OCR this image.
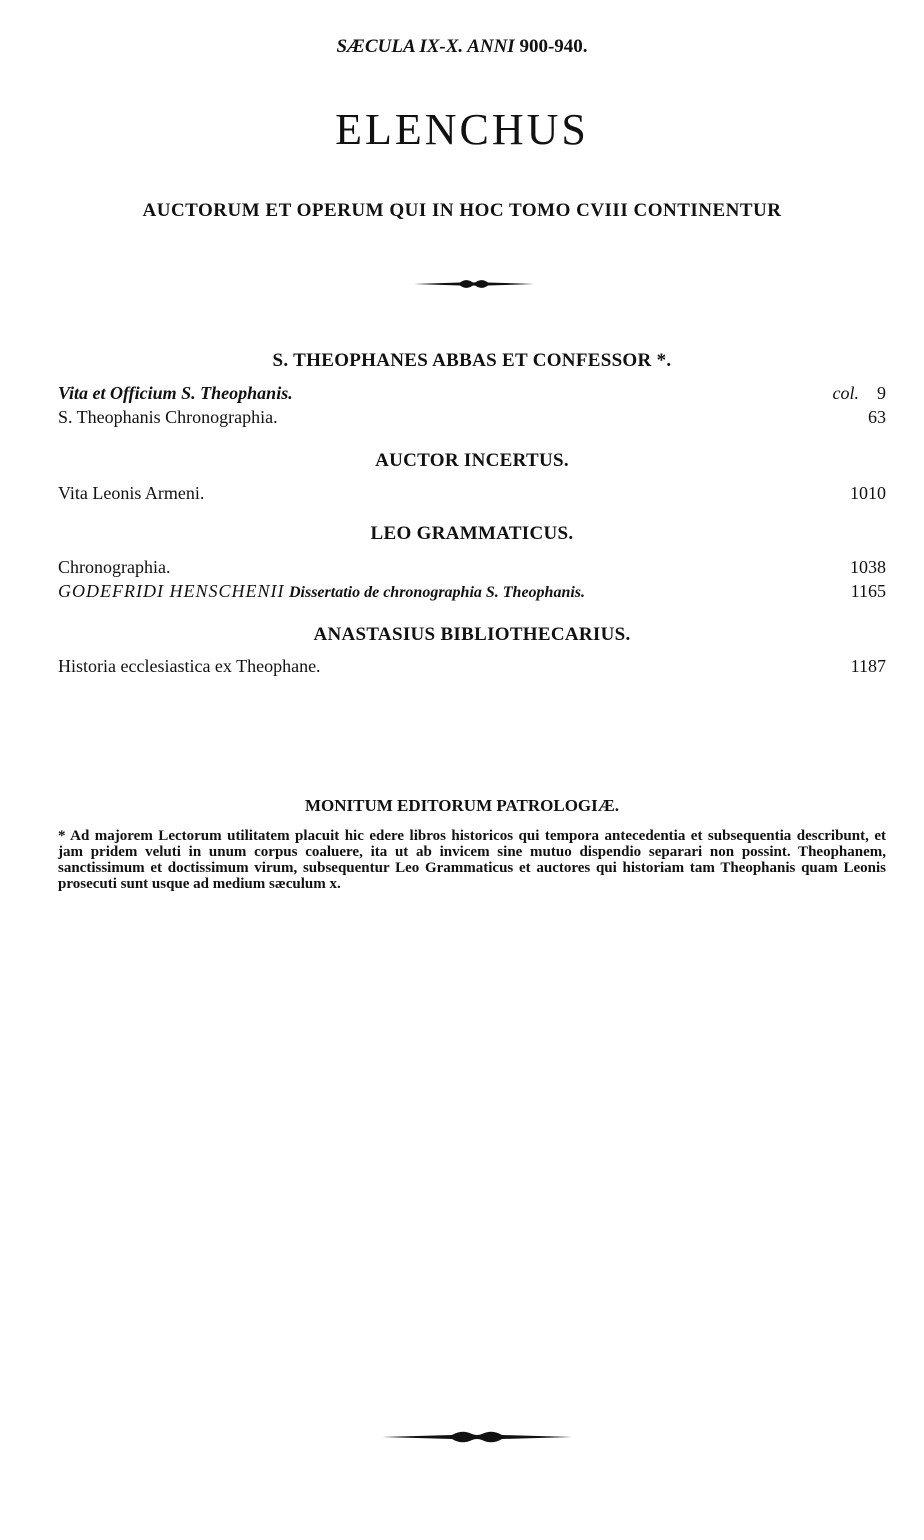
SÆCULA IX-X. ANNI 900-940.
ELENCHUS
AUCTORUM ET OPERUM QUI IN HOC TOMO CVIII CONTINENTUR
S. THEOPHANES ABBAS ET CONFESSOR *.
Vita et Officium S. Theophanis.	col. 9
S. Theophanis Chronographia.	63
AUCTOR INCERTUS.
Vita Leonis Armeni.	1010
LEO GRAMMATICUS.
Chronographia.	1038
GODEFRIDI HENSCHENII Dissertatio de chronographia S. Theophanis.	1165
ANASTASIUS BIBLIOTHECARIUS.
Historia ecclesiastica ex Theophane.	1187
MONITUM EDITORUM PATROLOGIÆ.
* Ad majorem Lectorum utilitatem placuit hic edere libros historicos qui tempora antecedentia et subsequentia describunt, et jam pridem veluti in unum corpus coaluere, ita ut ab invicem sine mutuo dispendio separari non possint. Theophanem, sanctissimum et doctissimum virum, subsequentur Leo Grammaticus et auctores qui historiam tam Theophanis quam Leonis prosecuti sunt usque ad medium sæculum x.
